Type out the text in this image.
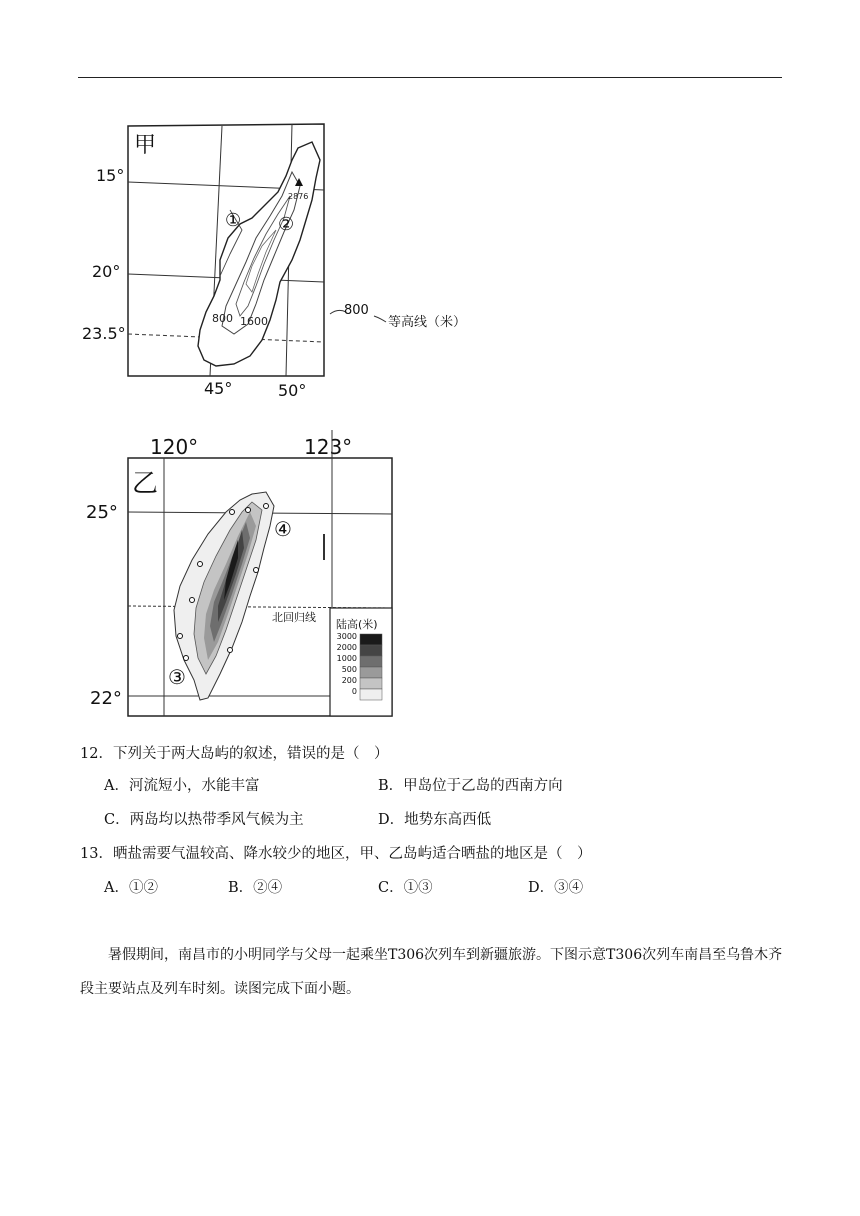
2876
① ②
800 1600
甲
15°
20°
23.5°
45°	50°
800
等高线（米）
120°	123°
25°
22°
乙
④
③
北回归线
陆高(米)
3000
2000
1000
500
200
0
12．下列关于两大岛屿的叙述，错误的是（　）
A．河流短小，水能丰富	B．甲岛位于乙岛的西南方向
C．两岛均以热带季风气候为主	D．地势东高西低
13．晒盐需要气温较高、降水较少的地区，甲、乙岛屿适合晒盐的地区是（　）
A．①②	B．②④	C．①③	D．③④
暑假期间，南昌市的小明同学与父母一起乘坐T306次列车到新疆旅游。下图示意T306次列车南昌至乌鲁木齐段主要站点及列车时刻。读图完成下面小题。
